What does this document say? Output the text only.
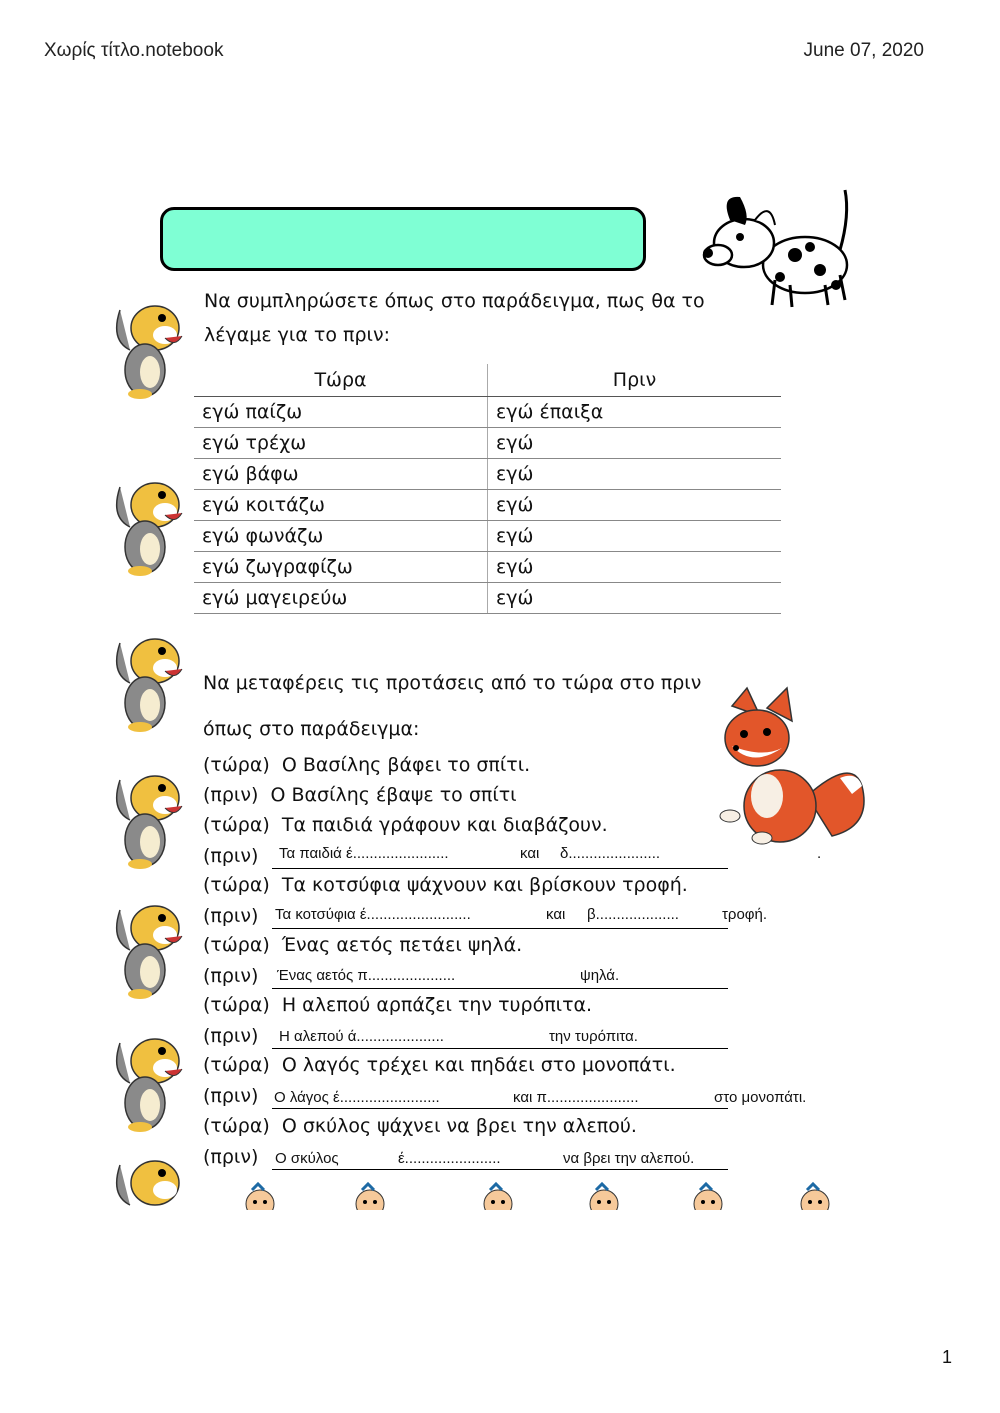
Χωρίς τίτλο.notebook	June 07, 2020
Να συμπληρώσετε όπως στο παράδειγμα, πως θα το
λέγαμε για το πριν:
Τώρα	Πριν
εγώ παίζω	εγώ έπαιξα
εγώ τρέχω	εγώ
εγώ βάφω	εγώ
εγώ κοιτάζω	εγώ
εγώ φωνάζω	εγώ
εγώ ζωγραφίζω	εγώ
εγώ μαγειρεύω	εγώ
Να μεταφέρεις τις προτάσεις από το τώρα στο πριν
όπως στο παράδειγμα:
(τώρα) Ο Βασίλης βάφει το σπίτι.
(πριν) Ο Βασίλης έβαψε το σπίτι
(τώρα) Τα παιδιά γράφουν και διαβάζουν.
(πριν) Τα παιδιά έ.......................	και δ......................	.
(τώρα) Τα κοτσύφια ψάχνουν και βρίσκουν τροφή.
(πριν) Τα κοτσύφια έ.........................	και β....................	τροφή.
(τώρα) Ένας αετός πετάει ψηλά.
(πριν) Ένας αετός π.....................	ψηλά.
(τώρα) Η αλεπού αρπάζει την τυρόπιτα.
(πριν) Η αλεπού ά.....................	την τυρόπιτα.
(τώρα) Ο λαγός τρέχει και πηδάει στο μονοπάτι.
(πριν) Ο λάγος έ........................	και π......................	στο μονοπάτι.
(τώρα) Ο σκύλος ψάχνει να βρει την αλεπού.
(πριν) Ο σκύλος	έ.......................	να βρει την αλεπού.
1
